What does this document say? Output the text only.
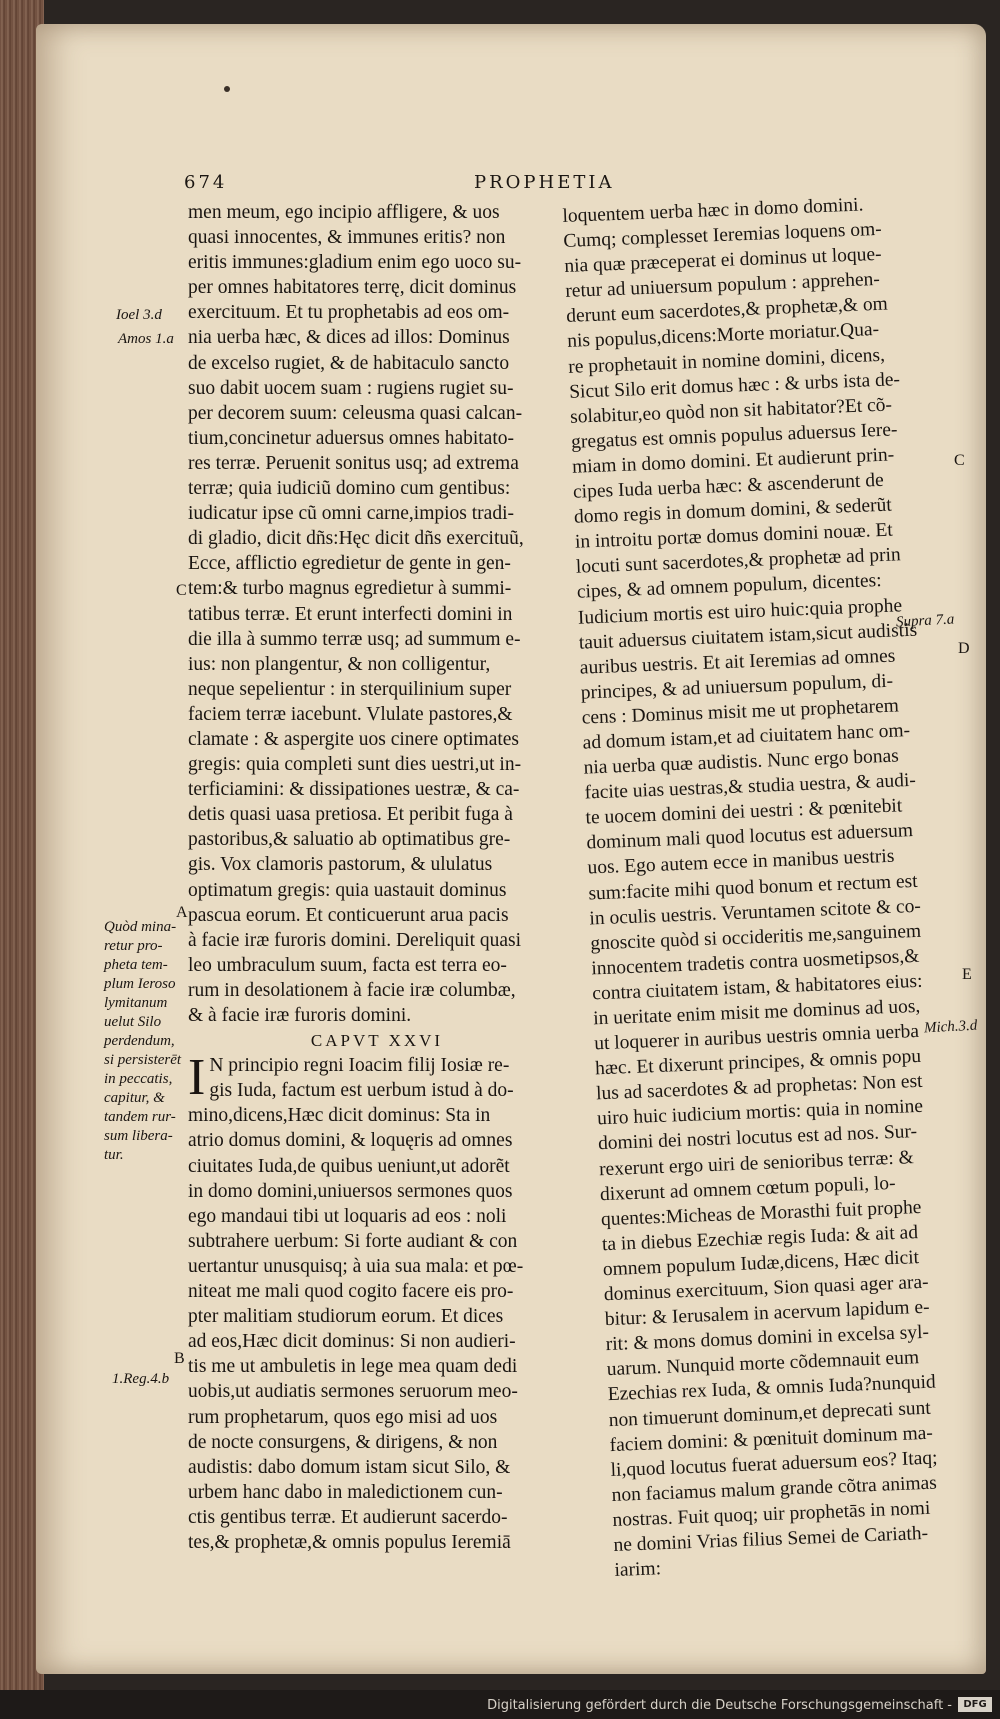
674	PROPHETIA
men meum, ego incipio affligere, & uos
quasi innocentes, & immunes eritis? non
eritis immunes:gladium enim ego uoco su-
per omnes habitatores terrę, dicit dominus
exercituum. Et tu prophetabis ad eos om-
nia uerba hæc, & dices ad illos: Dominus
de excelso rugiet, & de habitaculo sancto
suo dabit uocem suam : rugiens rugiet su-
per decorem suum: celeusma quasi calcan-
tium,concinetur aduersus omnes habitato-
res terræ. Peruenit sonitus usq; ad extrema
terræ; quia iudiciũ domino cum gentibus:
iudicatur ipse cũ omni carne,impios tradi-
di gladio, dicit dñs:Hęc dicit dñs exercituũ,
Ecce, afflictio egredietur de gente in gen-
tem:& turbo magnus egredietur à summi-
tatibus terræ. Et erunt interfecti domini in
die illa à summo terræ usq; ad summum e-
ius: non plangentur, & non colligentur,
neque sepelientur : in sterquilinium super
faciem terræ iacebunt. Vlulate pastores,&
clamate : & aspergite uos cinere optimates
gregis: quia completi sunt dies uestri,ut in-
terficiamini: & dissipationes uestræ, & ca-
detis quasi uasa pretiosa. Et peribit fuga à
pastoribus,& saluatio ab optimatibus gre-
gis. Vox clamoris pastorum, & ululatus
optimatum gregis: quia uastauit dominus
pascua eorum. Et conticuerunt arua pacis
à facie iræ furoris domini. Dereliquit quasi
leo umbraculum suum, facta est terra eo-
rum in desolationem à facie iræ columbæ,
& à facie iræ furoris domini.
CAPVT XXVI
I N principio regni Ioacim filij Iosiæ re-
gis Iuda, factum est uerbum istud à do-
mino,dicens,Hæc dicit dominus: Sta in
atrio domus domini, & loquęris ad omnes
ciuitates Iuda,de quibus ueniunt,ut adorẽt
in domo domini,uniuersos sermones quos
ego mandaui tibi ut loquaris ad eos : noli
subtrahere uerbum: Si forte audiant & con
uertantur unusquisq; à uia sua mala: et pœ-
niteat me mali quod cogito facere eis pro-
pter malitiam studiorum eorum. Et dices
ad eos,Hæc dicit dominus: Si non audieri-
tis me ut ambuletis in lege mea quam dedi
uobis,ut audiatis sermones seruorum meo-
rum prophetarum, quos ego misi ad uos
de nocte consurgens, & dirigens, & non
audistis: dabo domum istam sicut Silo, &
urbem hanc dabo in maledictionem cun-
ctis gentibus terræ. Et audierunt sacerdo-
tes,& prophetæ,& omnis populus Ieremiā
loquentem uerba hæc in domo domini.
Cumq; complesset Ieremias loquens om-
nia quæ præceperat ei dominus ut loque-
retur ad uniuersum populum : apprehen-
derunt eum sacerdotes,& prophetæ,& om
nis populus,dicens:Morte moriatur.Qua-
re prophetauit in nomine domini, dicens,
Sicut Silo erit domus hæc : & urbs ista de-
solabitur,eo quòd non sit habitator?Et cõ-
gregatus est omnis populus aduersus Iere-
miam in domo domini. Et audierunt prin-
cipes Iuda uerba hæc: & ascenderunt de
domo regis in domum domini, & sederũt
in introitu portæ domus domini nouæ. Et
locuti sunt sacerdotes,& prophetæ ad prin
cipes, & ad omnem populum, dicentes:
Iudicium mortis est uiro huic:quia prophe
tauit aduersus ciuitatem istam,sicut audistis
auribus uestris. Et ait Ieremias ad omnes
principes, & ad uniuersum populum, di-
cens : Dominus misit me ut prophetarem
ad domum istam,et ad ciuitatem hanc om-
nia uerba quæ audistis. Nunc ergo bonas
facite uias uestras,& studia uestra, & audi-
te uocem domini dei uestri : & pœnitebit
dominum mali quod locutus est aduersum
uos. Ego autem ecce in manibus uestris
sum:facite mihi quod bonum et rectum est
in oculis uestris. Veruntamen scitote & co-
gnoscite quòd si occideritis me,sanguinem
innocentem tradetis contra uosmetipsos,&
contra ciuitatem istam, & habitatores eius:
in ueritate enim misit me dominus ad uos,
ut loquerer in auribus uestris omnia uerba
hæc. Et dixerunt principes, & omnis popu
lus ad sacerdotes & ad prophetas: Non est
uiro huic iudicium mortis: quia in nomine
domini dei nostri locutus est ad nos. Sur-
rexerunt ergo uiri de senioribus terræ: &
dixerunt ad omnem cœtum populi, lo-
quentes:Micheas de Morasthi fuit prophe
ta in diebus Ezechiæ regis Iuda: & ait ad
omnem populum Iudæ,dicens, Hæc dicit
dominus exercituum, Sion quasi ager ara-
bitur: & Ierusalem in acervum lapidum e-
rit: & mons domus domini in excelsa syl-
uarum. Nunquid morte cõdemnauit eum
Ezechias rex Iuda, & omnis Iuda?nunquid
non timuerunt dominum,et deprecati sunt
faciem domini: & pœnituit dominum ma-
li,quod locutus fuerat aduersum eos? Itaq;
non faciamus malum grande cõtra animas
nostras. Fuit quoq; uir prophetās in nomi
ne domini Vrias filius Semei de Cariath-
iarim:
Ioel 3.d
Amos 1.a
C
A
Quòd mina-
retur pro-
pheta tem-
plum Ieroso
lymitanum
uelut Silo
perdendum,
si persisterēt
in peccatis,
capitur, &
tandem rur-
sum libera-
tur.
B
1.Reg.4.b
C
Supra 7.a
D
E
Mich.3.d
Digitalisierung gefördert durch die Deutsche Forschungsgemeinschaft -	DFG
